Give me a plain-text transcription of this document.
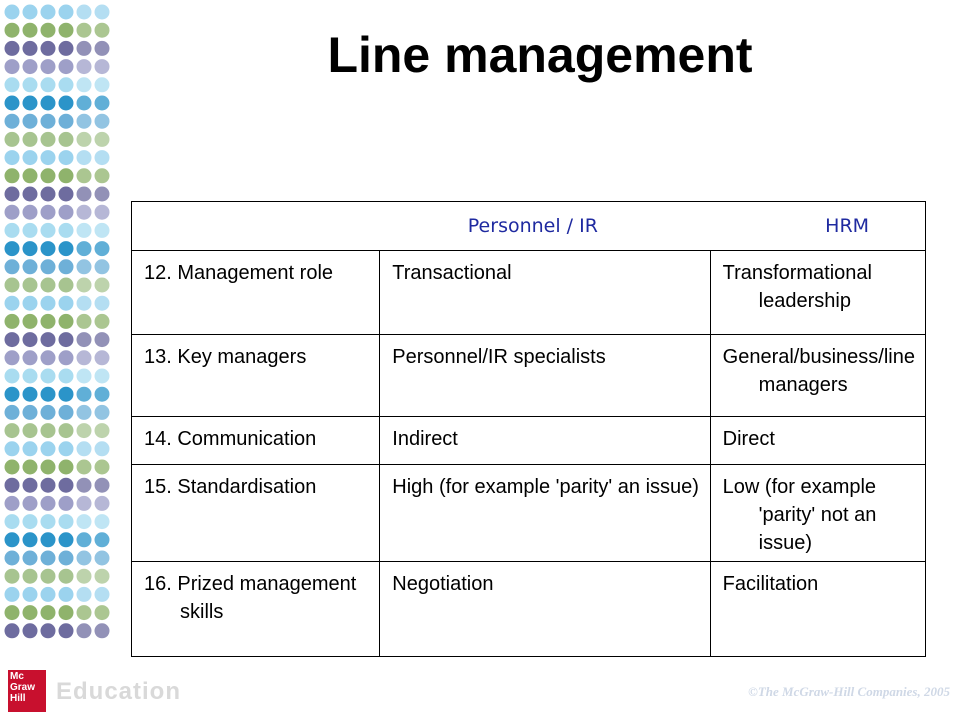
Line management
	Personnel / IR	HRM

12. Management role	Transactional	Transformational leadership

13. Key managers	Personnel/IR specialists	General/business/line managers

14. Communication	Indirect	Direct

15. Standardisation	High (for example 'parity' an issue)	Low (for example 'parity' not an issue)

16. Prized management skills	Negotiation	Facilitation
Mc Graw Hill	Education	©The McGraw-Hill Companies, 2005
